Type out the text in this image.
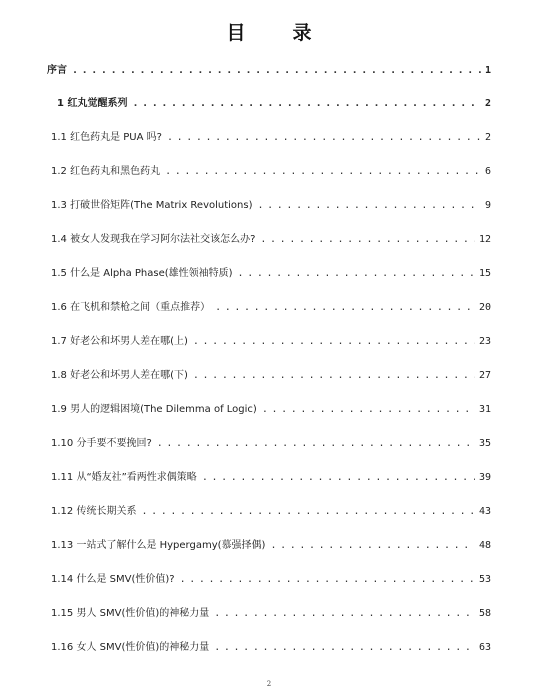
目　录
序言 . . .	1
1 红丸觉醒系列 . . .	2
1.1 红色药丸是 PUA 吗? . . .	2
1.2 红色药丸和黑色药丸 . . .	6
1.3 打破世俗矩阵(The Matrix Revolutions) . . .	9
1.4 被女人发现我在学习阿尔法社交该怎么办? . . .	12
1.5 什么是 Alpha Phase(雄性领袖特质) . . .	15
1.6 在飞机和禁枪之间（重点推荐） . . .	20
1.7 好老公和坏男人差在哪(上) . . .	23
1.8 好老公和坏男人差在哪(下) . . .	27
1.9 男人的逻辑困境(The Dilemma of Logic) . . .	31
1.10 分手要不要挽回? . . .	35
1.11 从“婚友社”看两性求偶策略 . . .	39
1.12 传统长期关系 . . .	43
1.13 一站式了解什么是 Hypergamy(慕强择偶) . . .	48
1.14 什么是 SMV(性价值)? . . .	53
1.15 男人 SMV(性价值)的神秘力量 . . .	58
1.16 女人 SMV(性价值)的神秘力量 . . .	63
2
